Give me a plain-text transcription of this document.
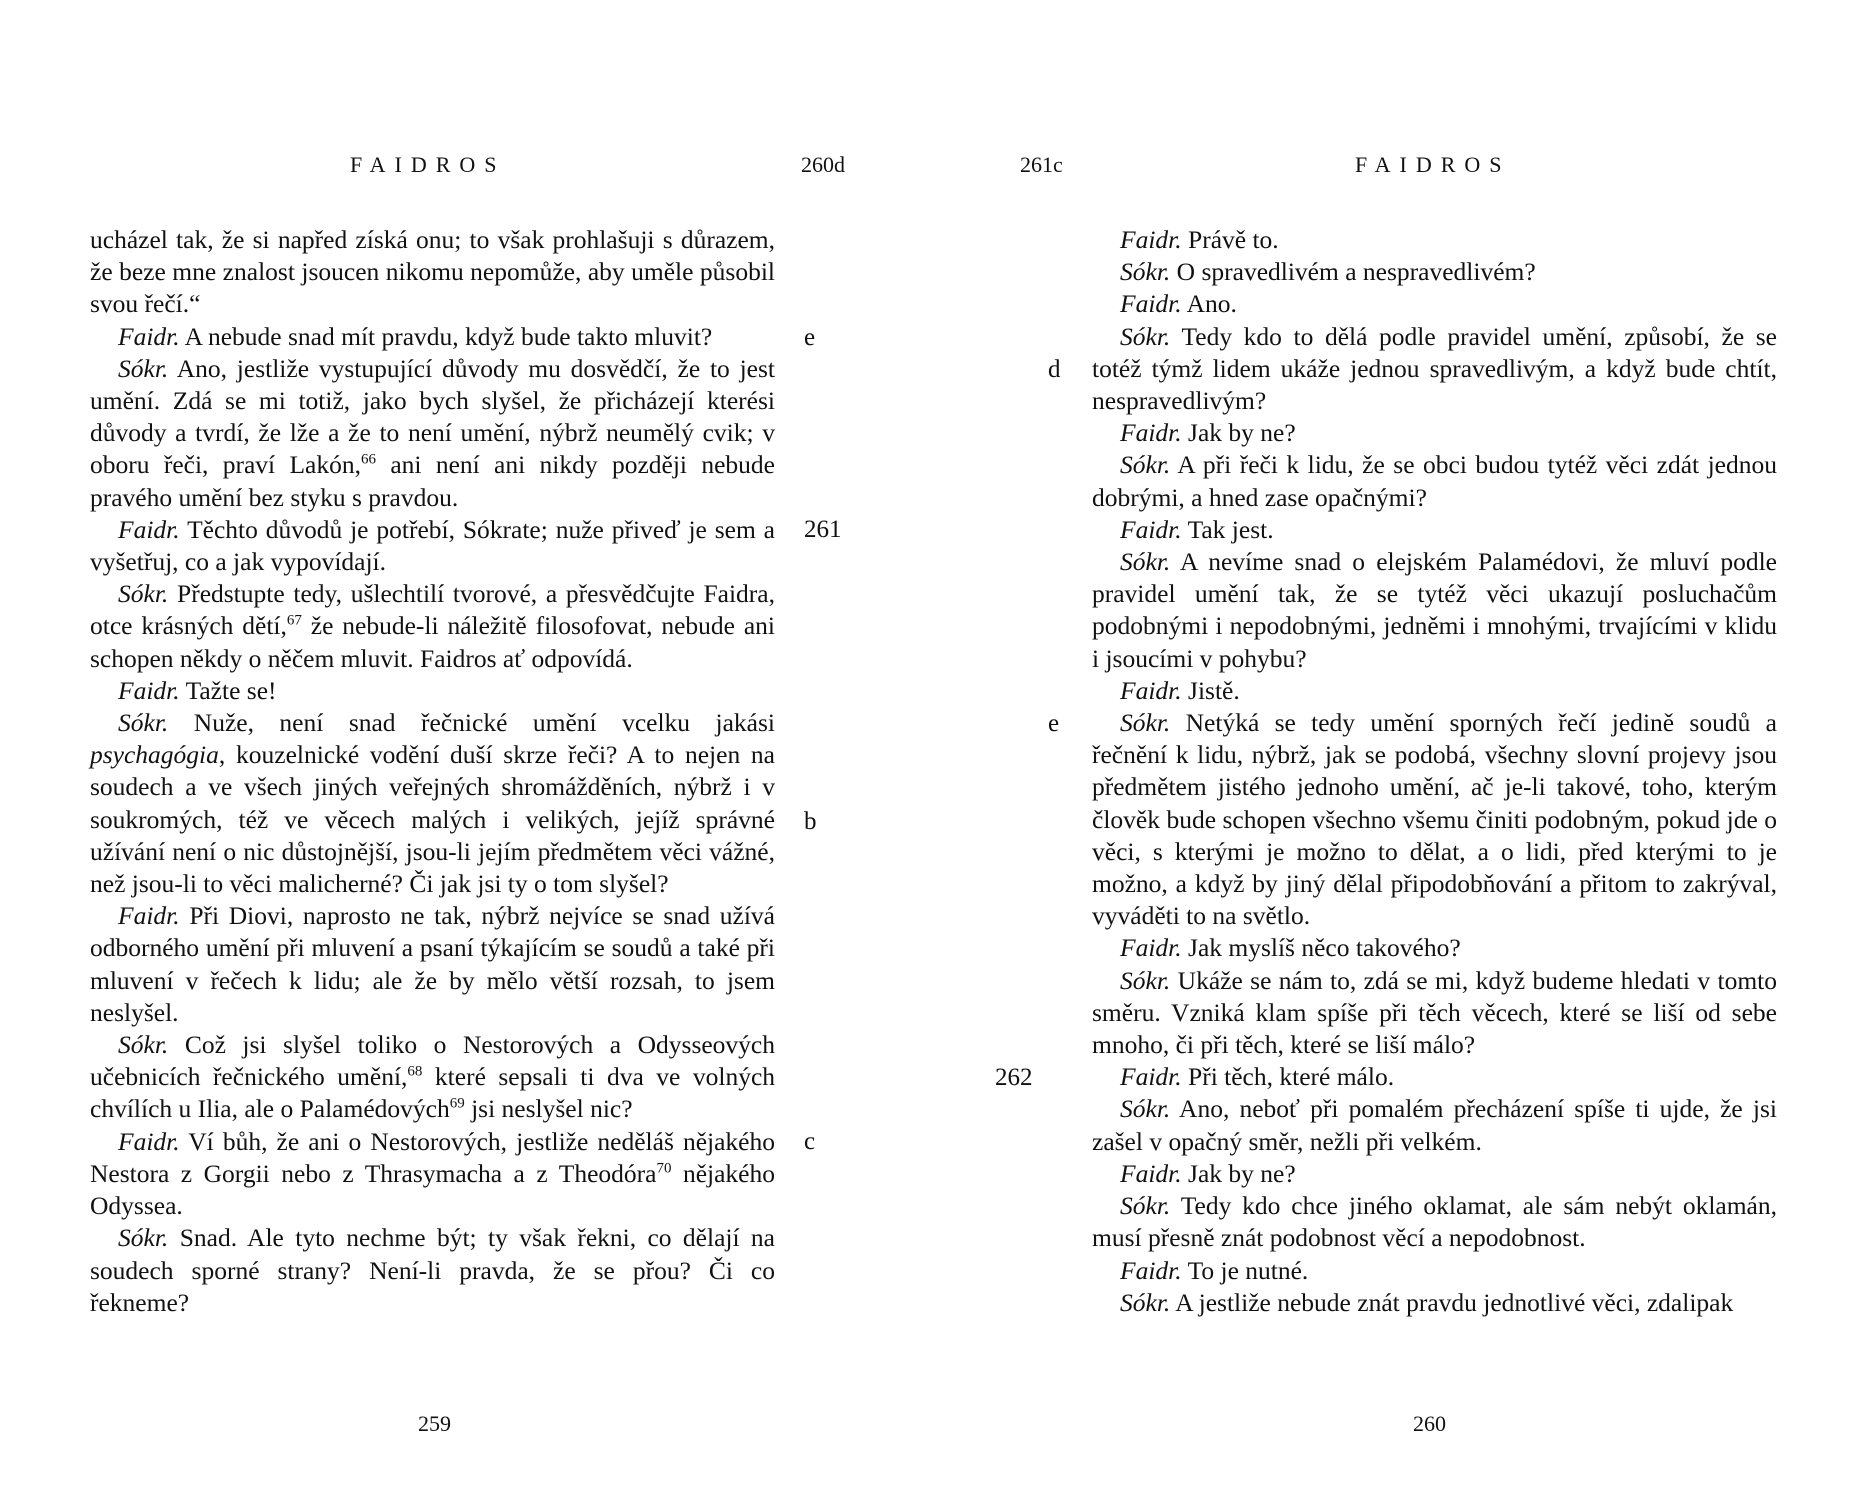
FAIDROS	260d

ucházel tak, že si napřed získá onu; to však prohlašuji s důrazem, že beze mne znalost jsoucen nikomu nepomůže, aby uměle působil svou řečí.“

Faidr. A nebude snad mít pravdu, když bude takto mluvit?

Sókr. Ano, jestliže vystupující důvody mu dosvědčí, že to jest umění. Zdá se mi totiž, jako bych slyšel, že přicházejí kterési důvody a tvrdí, že lže a že to není umění, nýbrž neumělý cvik; v oboru řeči, praví Lakón,$^{66}$ ani není ani nikdy později nebude pravého umění bez styku s pravdou.

Faidr. Těchto důvodů je potřebí, Sókrate; nuže přiveď je sem a vyšetřuj, co a jak vypovídají.

Sókr. Předstupte tedy, ušlechtilí tvorové, a přesvědčujte Faidra, otce krásných dětí,$^{67}$ že nebude-li náležitě filosofovat, nebude ani schopen někdy o něčem mluvit. Faidros ať odpovídá.

Faidr. Tažte se!

Sókr. Nuže, není snad řečnické umění vcelku jakási psychagógia, kouzelnické vodění duší skrze řeči? A to nejen na soudech a ve všech jiných veřejných shromážděních, nýbrž i v soukromých, též ve věcech malých i velikých, jejíž správné užívání není o nic důstojnější, jsou-li jejím předmětem věci vážné, než jsou-li to věci malicherné? Či jak jsi ty o tom slyšel?

Faidr. Při Diovi, naprosto ne tak, nýbrž nejvíce se snad užívá odborného umění při mluvení a psaní týkajícím se soudů a také při mluvení v řečech k lidu; ale že by mělo větší rozsah, to jsem neslyšel.

Sókr. Což jsi slyšel toliko o Nestorových a Odysseových učebnicích řečnického umění,$^{68}$ které sepsali ti dva ve volných chvílích u Ilia, ale o Palamédových$^{69}$ jsi neslyšel nic?

Faidr. Ví bůh, že ani o Nestorových, jestliže neděláš nějakého Nestora z Gorgii nebo z Thrasymacha a z Theodóra$^{70}$ nějakého Odyssea.

Sókr. Snad. Ale tyto nechme být; ty však řekni, co dělají na soudech sporné strany? Není-li pravda, že se přou? Či co řekneme?

e
261
b
c
259
261c	FAIDROS

Faidr. Právě to.

Sókr. O spravedlivém a nespravedlivém?

Faidr. Ano.

Sókr. Tedy kdo to dělá podle pravidel umění, způsobí, že se totéž týmž lidem ukáže jednou spravedlivým, a když bude chtít, nespravedlivým?

Faidr. Jak by ne?

Sókr. A při řeči k lidu, že se obci budou tytéž věci zdát jednou dobrými, a hned zase opačnými?

Faidr. Tak jest.

Sókr. A nevíme snad o elejském Palamédovi, že mluví podle pravidel umění tak, že se tytéž věci ukazují posluchačům podobnými i nepodobnými, jedněmi i mnohými, trvajícími v klidu i jsoucími v pohybu?

Faidr. Jistě.

Sókr. Netýká se tedy umění sporných řečí jedině soudů a řečnění k lidu, nýbrž, jak se podobá, všechny slovní projevy jsou předmětem jistého jednoho umění, ač je-li takové, toho, kterým člověk bude schopen všechno všemu činiti podobným, pokud jde o věci, s kterými je možno to dělat, a o lidi, před kterými to je možno, a když by jiný dělal připodobňování a přitom to zakrýval, vyváděti to na světlo.

Faidr. Jak myslíš něco takového?

Sókr. Ukáže se nám to, zdá se mi, když budeme hledati v tomto směru. Vzniká klam spíše při těch věcech, které se liší od sebe mnoho, či při těch, které se liší málo?

Faidr. Při těch, které málo.

Sókr. Ano, neboť při pomalém přecházení spíše ti ujde, že jsi zašel v opačný směr, nežli při velkém.

Faidr. Jak by ne?

Sókr. Tedy kdo chce jiného oklamat, ale sám nebýt oklamán, musí přesně znát podobnost věcí a nepodobnost.

Faidr. To je nutné.

Sókr. A jestliže nebude znát pravdu jednotlivé věci, zdalipak

d
e
262
260
